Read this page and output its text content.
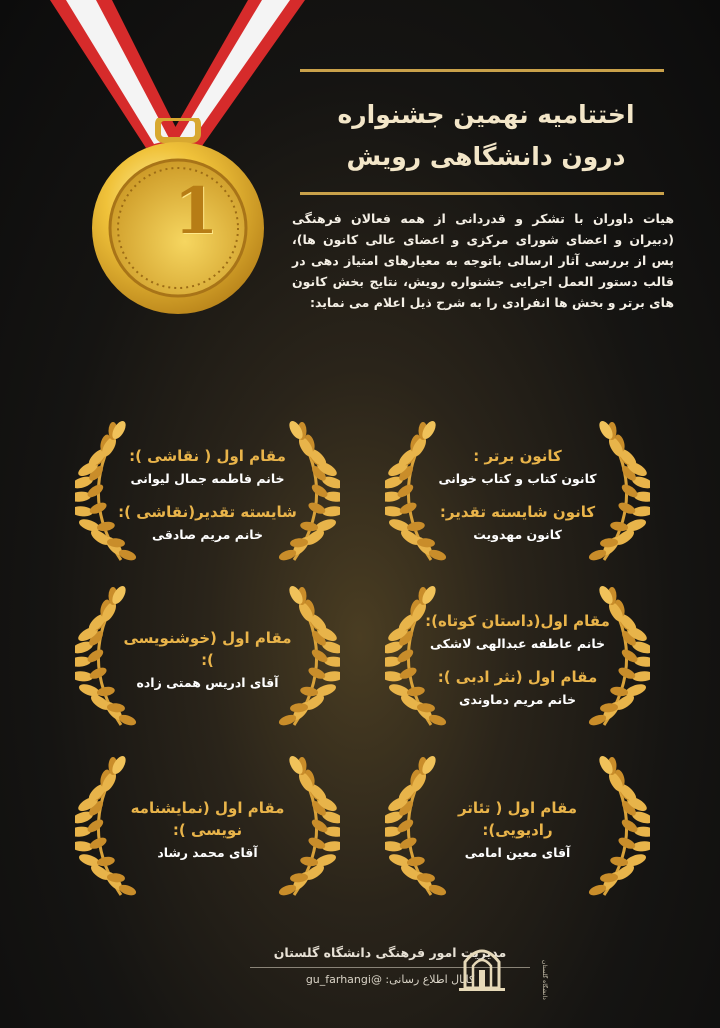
1
اختتامیه نهمین جشنواره
درون دانشگاهی رویش
هیات داوران با تشکر و قدردانی از همه فعالان فرهنگی (دبیران و اعضای شورای مرکزی و اعضای عالی کانون ها)، پس از بررسی آثار ارسالی باتوجه به معیارهای امتیاز دهی در قالب دستور العمل اجرایی جشنواره رویش، نتایج بخش کانون های برتر و بخش ها انفرادی را به شرح ذیل اعلام می نماید:
کانون برتر :
کانون کتاب و کتاب خوانی
کانون شایسته تقدیر:
کانون مهدویت
مقام اول ( نقاشی ):
خانم فاطمه جمال لیوانی
شایسته تقدیر(نقاشی ):
خانم مریم صادقی
مقام اول(داستان کوتاه):
خانم عاطفه عبدالهی لاشکی
مقام اول (نثر ادبی ):
خانم مریم دماوندی
مقام اول (خوشنویسی ):
آقای ادریس همتی زاده
مقام اول ( تئاتر رادیویی):
آقای معین امامی
مقام اول (نمایشنامه نویسی ):
آقای محمد رشاد
مدیریت امور فرهنگی دانشگاه گلستان
کانال اطلاع رسانی: @gu_farhangi	دانشگاه گلستان
